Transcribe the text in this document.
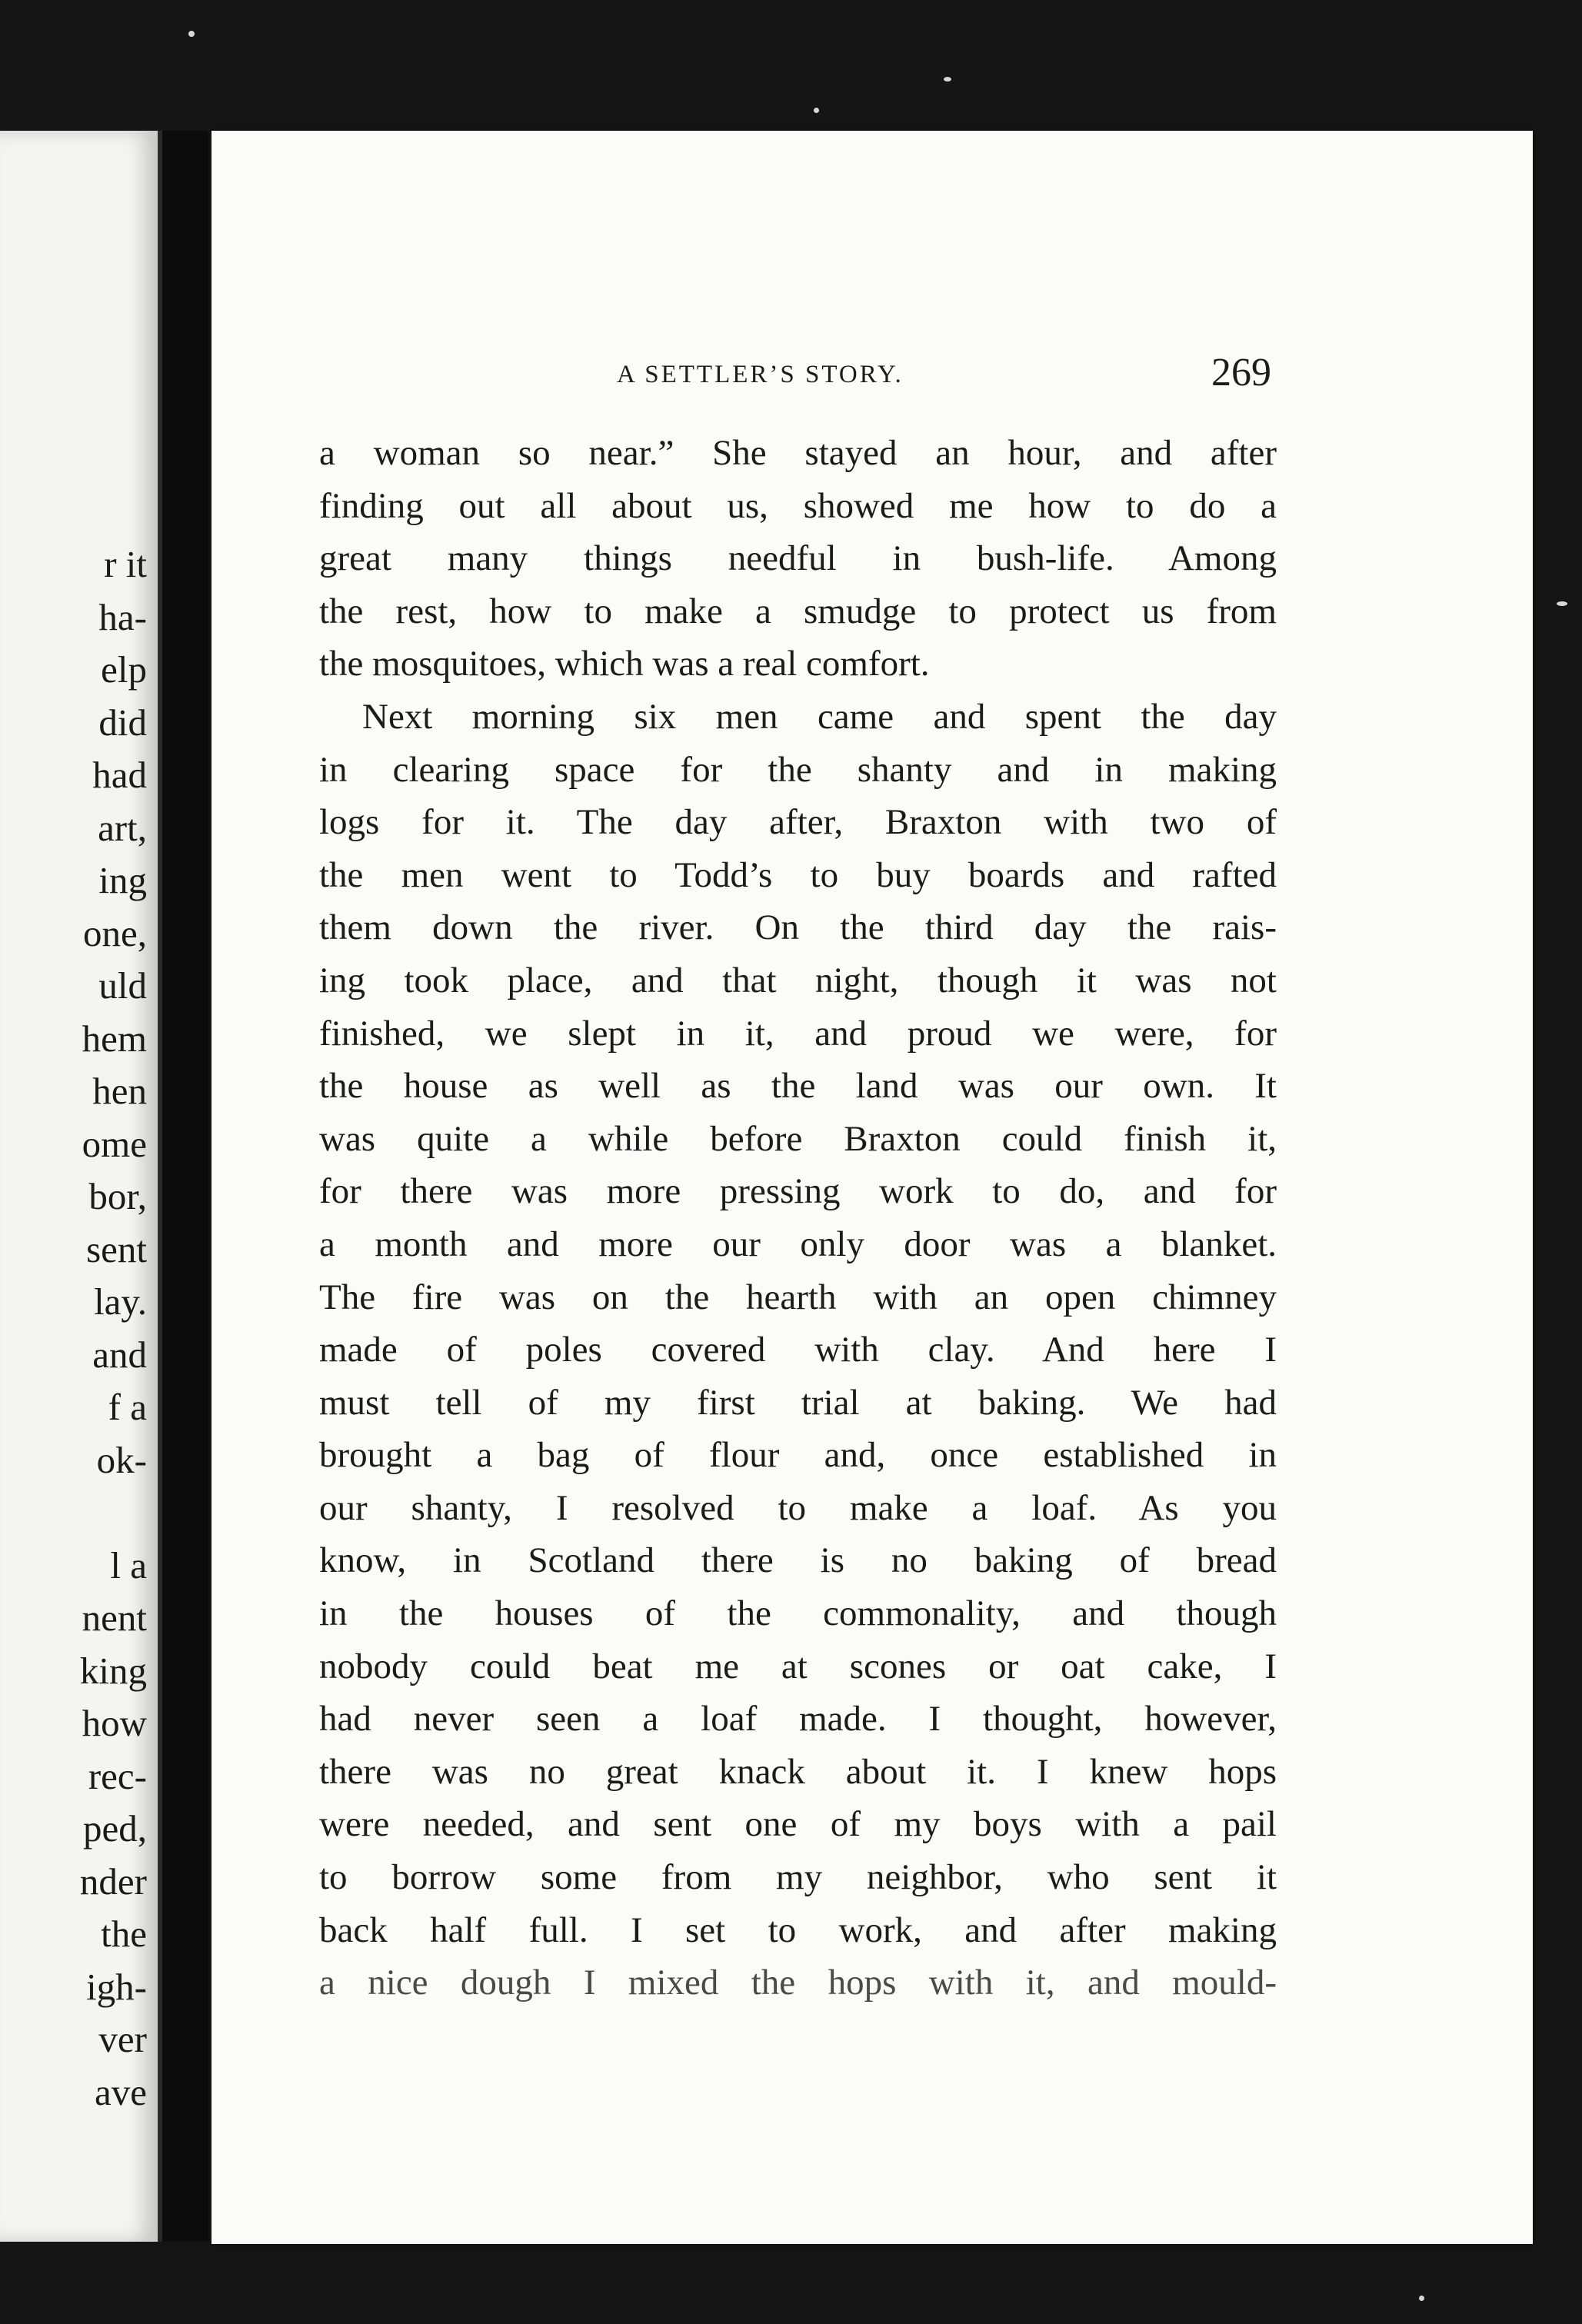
r it
ha-
elp
did
had
art,
ing
one,
uld
hem
hen
ome
bor,
sent
lay.
and
f a
ok-
l a
nent
king
how
rec-
ped,
nder
the
igh-
ver
ave
A SETTLER’S STORY.	269
a woman so near.” She stayed an hour, and after
finding out all about us, showed me how to do a
great many things needful in bush-life. Among
the rest, how to make a smudge to protect us from
the mosquitoes, which was a real comfort.
Next morning six men came and spent the day
in clearing space for the shanty and in making
logs for it. The day after, Braxton with two of
the men went to Todd’s to buy boards and rafted
them down the river. On the third day the rais-
ing took place, and that night, though it was not
finished, we slept in it, and proud we were, for
the house as well as the land was our own. It
was quite a while before Braxton could finish it,
for there was more pressing work to do, and for
a month and more our only door was a blanket.
The fire was on the hearth with an open chimney
made of poles covered with clay. And here I
must tell of my first trial at baking. We had
brought a bag of flour and, once established in
our shanty, I resolved to make a loaf. As you
know, in Scotland there is no baking of bread
in the houses of the commonality, and though
nobody could beat me at scones or oat cake, I
had never seen a loaf made. I thought, however,
there was no great knack about it. I knew hops
were needed, and sent one of my boys with a pail
to borrow some from my neighbor, who sent it
back half full. I set to work, and after making
a nice dough I mixed the hops with it, and mould-
